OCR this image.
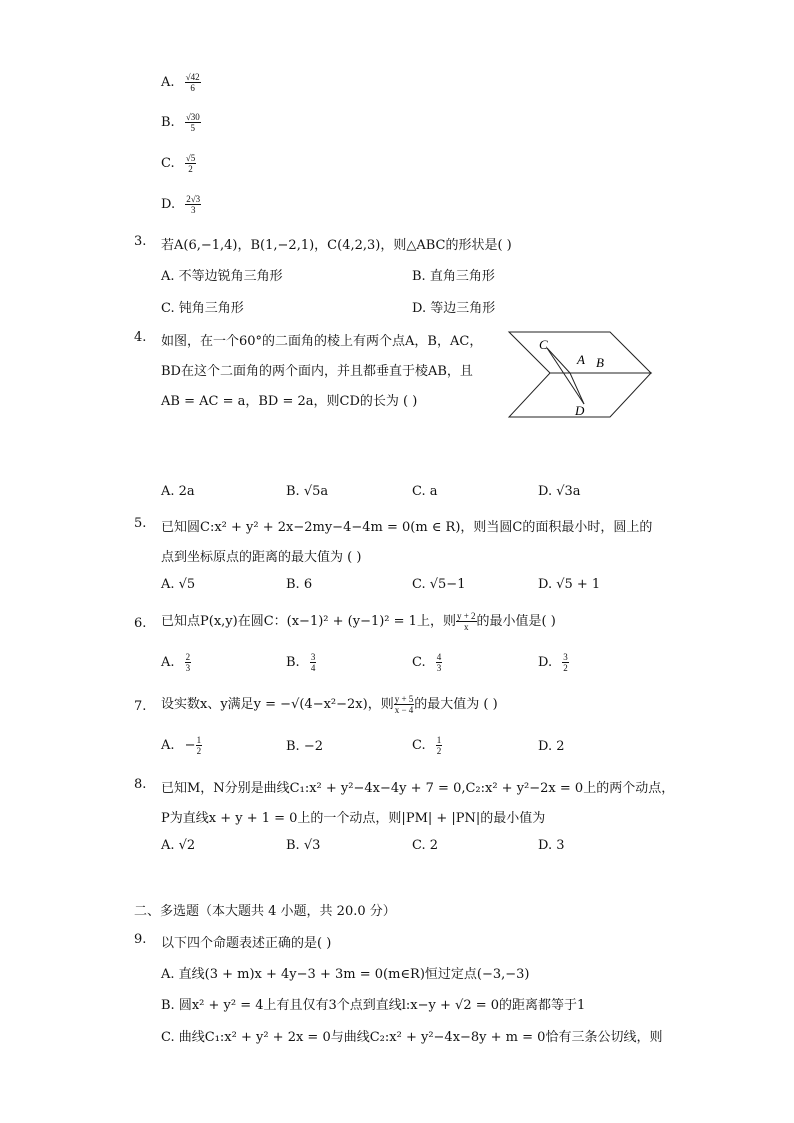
A. $\frac{√42}{6}$
B. $\frac{√30}{5}$
C. $\frac{√5}{2}$
D. $\frac{2√3}{3}$
3. 若A(6,−1,4)，B(1,−2,1)，C(4,2,3)，则△ABC的形状是( )
A. 不等边锐角三角形	B. 直角三角形
C. 钝角三角形	D. 等边三角形
4. 如图，在一个60°的二面角的棱上有两个点A，B，AC，
BD在这个二面角的两个面内，并且都垂直于棱AB，且
AB = AC = a，BD = 2a，则CD的长为 ( )
C
A B
D
A. 2a	B. √5a	C. a	D. √3a
5. 已知圆C:x² + y² + 2x−2my−4−4m = 0(m ∈ R)，则当圆C的面积最小时，圆上的
点到坐标原点的距离的最大值为 ( )
A. √5	B. 6	C. √5−1	D. √5 + 1
6. 已知点P(x,y)在圆C：(x−1)² + (y−1)² = 1上，则 $\frac{y + 2}{x}$ 的最小值是( )
A. $\frac{2}{3}$	B. $\frac{3}{4}$	C. $\frac{4}{3}$	D. $\frac{3}{2}$
7. 设实数x、y满足y = −√(4−x²−2x)，则 $\frac{y + 5}{x - 4}$ 的最大值为 ( )
A. − $\frac{1}{2}$	B. −2	C. $\frac{1}{2}$	D. 2
8. 已知M，N分别是曲线C₁:x² + y²−4x−4y + 7 = 0,C₂:x² + y²−2x = 0上的两个动点，
P为直线x + y + 1 = 0上的一个动点，则|PM| + |PN|的最小值为
A. √2	B. √3	C. 2	D. 3
二、多选题（本大题共 4 小题，共 20.0 分）
9. 以下四个命题表述正确的是( )
A. 直线(3 + m)x + 4y−3 + 3m = 0(m∈R)恒过定点(−3,−3)
B. 圆x² + y² = 4上有且仅有3个点到直线l:x−y + √2 = 0的距离都等于1
C. 曲线C₁:x² + y² + 2x = 0与曲线C₂:x² + y²−4x−8y + m = 0恰有三条公切线，则
